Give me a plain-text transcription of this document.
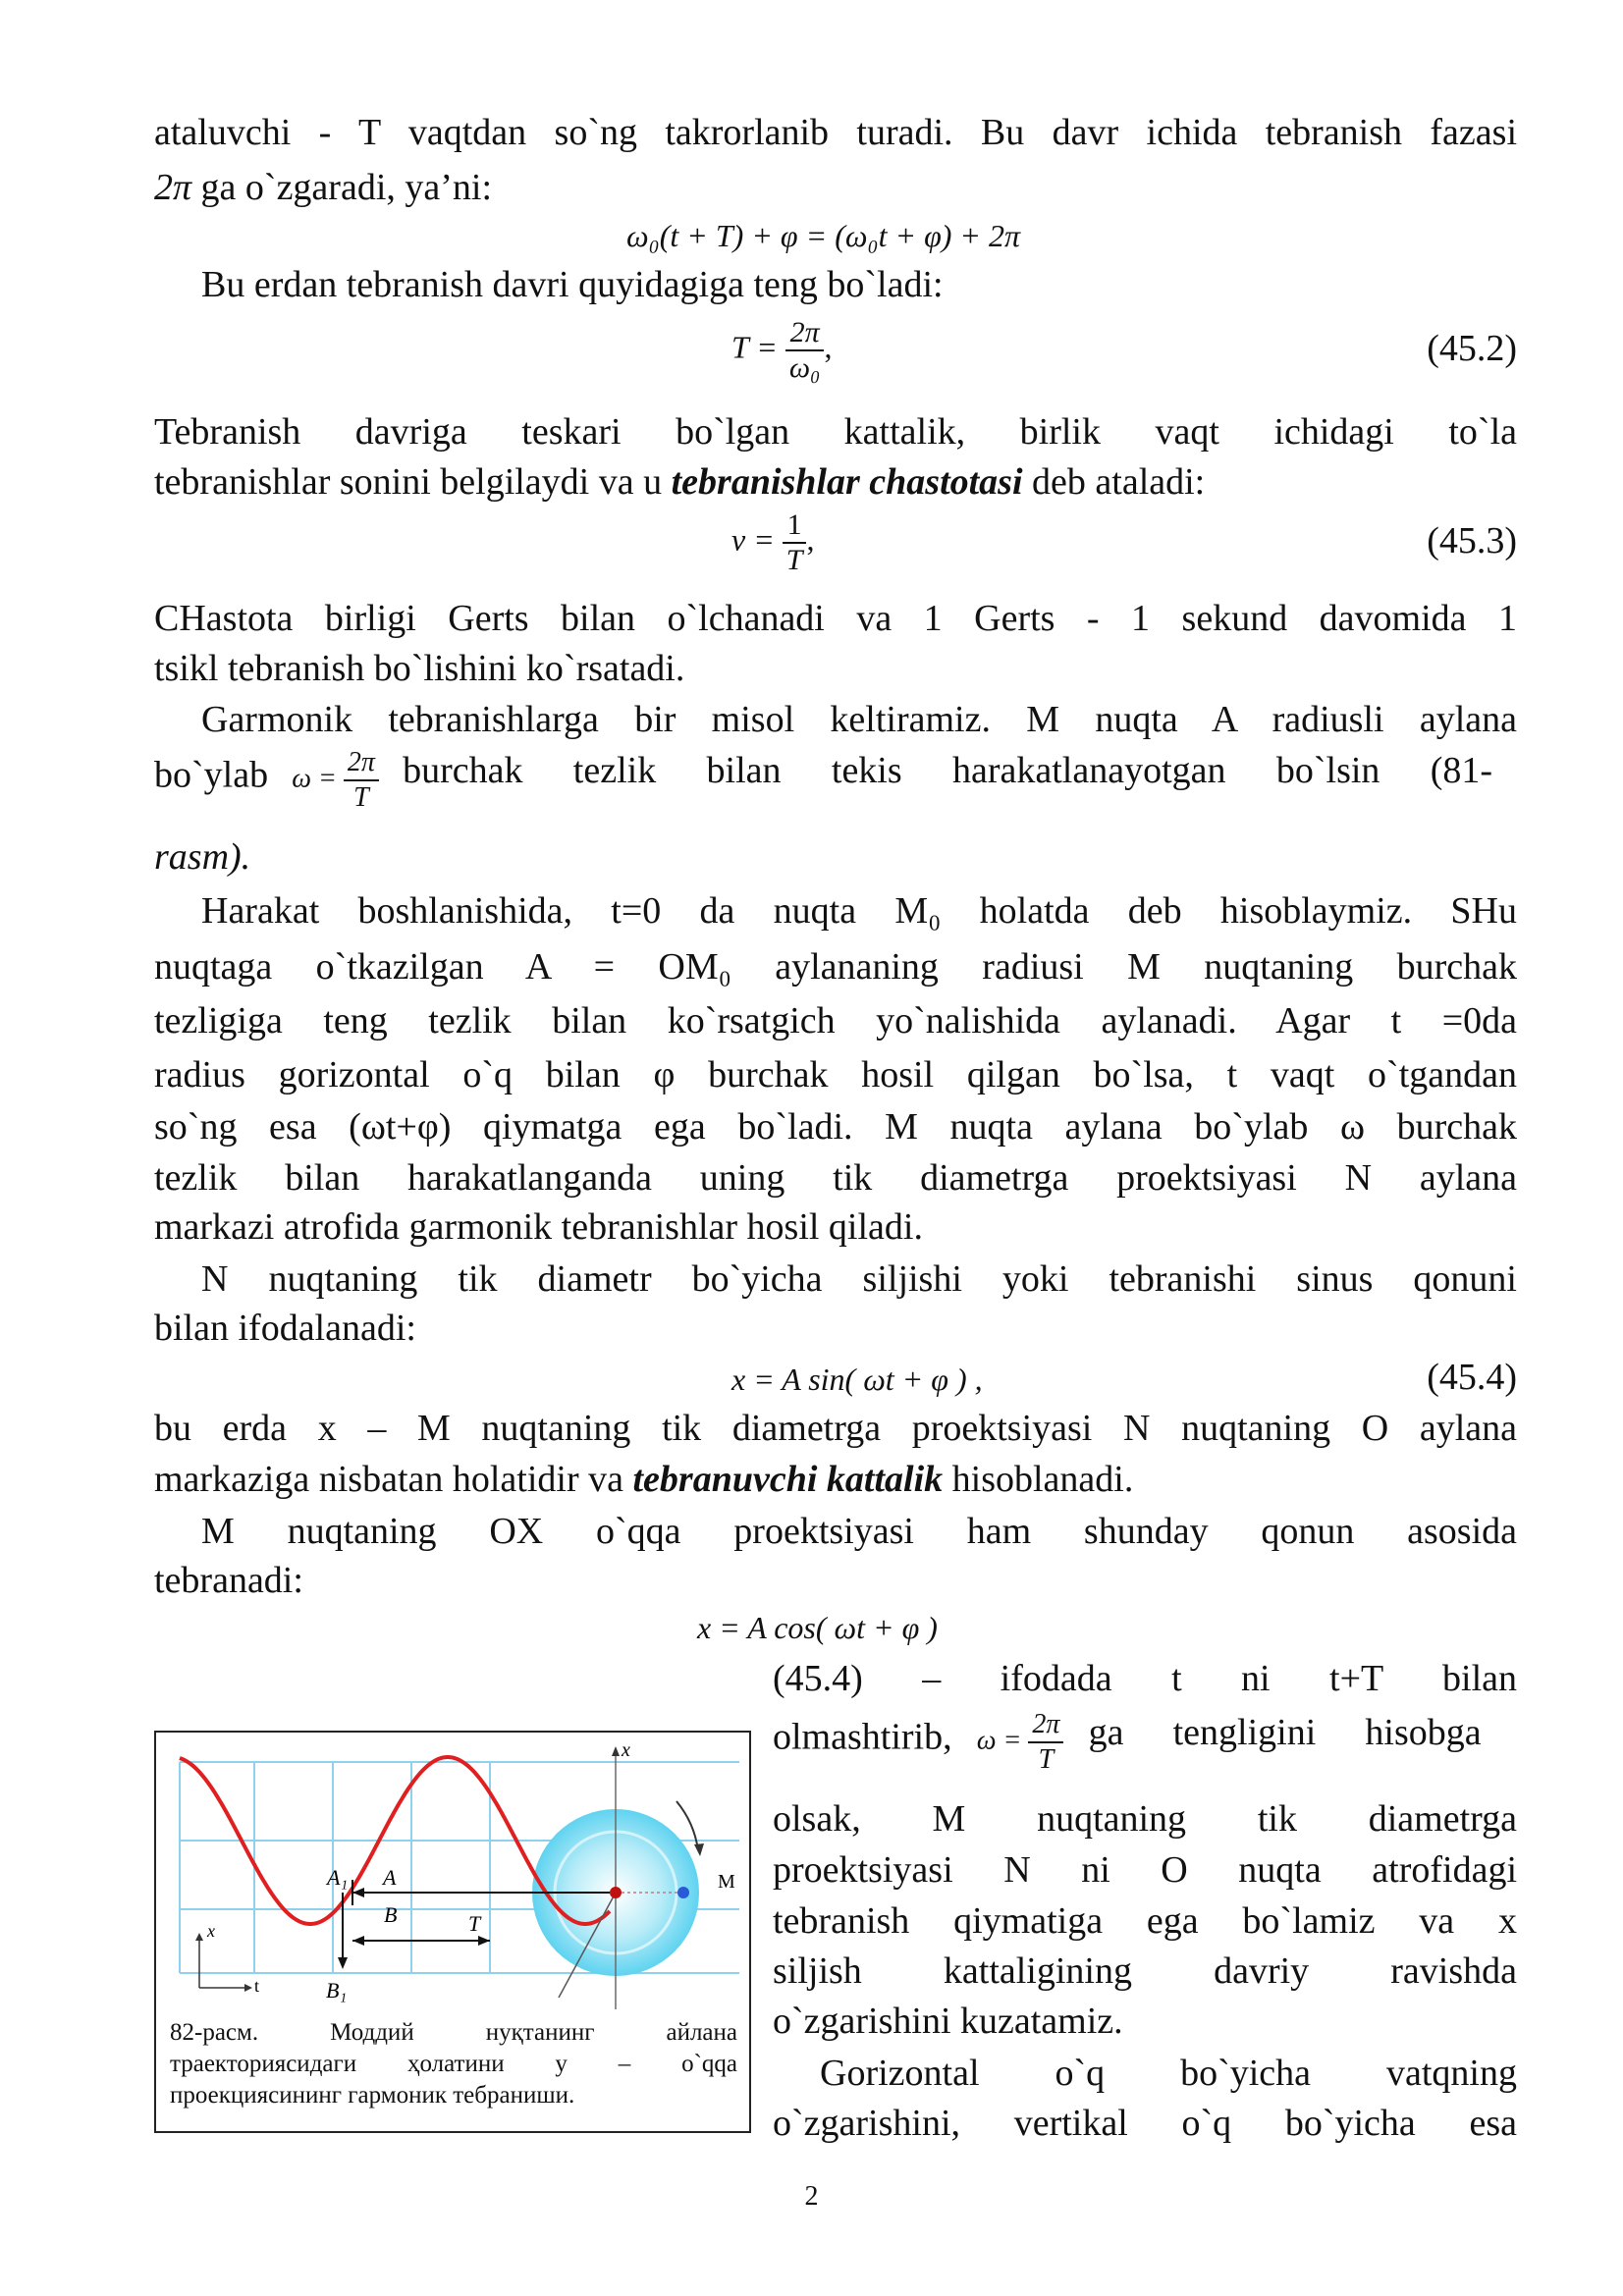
ataluvchi - T vaqtdan so`ng takrorlanib turadi. Bu davr ichida tebranish fazasi
2π ga o`zgaradi, ya’ni:
ω₀(t + T) + φ = (ω₀t + φ) + 2π
Bu erdan tebranish davri quyidagiga teng bo`ladi:
$T = \frac{2\pi}{\text{ω₀}}$ ,	(45.2)
Tebranish davriga teskari bo`lgan kattalik, birlik vaqt ichidagi to`la
tebranishlar sonini belgilaydi va u tebranishlar chastotasi deb ataladi:
$\nu = \frac{1}{T}$ ,	(45.3)
CHastota birligi Gerts bilan o`lchanadi va 1 Gerts - 1 sekund davomida 1
tsikl tebranish bo`lishini ko`rsatadi.
Garmonik tebranishlarga bir misol keltiramiz. M nuqta A radiusli aylana
bo`ylab $\omega = \frac{2\pi}{T}$ burchak tezlik bilan tekis harakatlanayotgan bo`lsin (81-
rasm).
Harakat boshlanishida, t=0 da nuqta M₀ holatda deb hisoblaymiz. SHu
nuqtaga o`tkazilgan A = OM₀ aylananing radiusi M nuqtaning burchak
tezligiga teng tezlik bilan ko`rsatgich yo`nalishida aylanadi. Agar t =0da
radius gorizontal o`q bilan φ burchak hosil qilgan bo`lsa, t vaqt o`tgandan
so`ng esa (ωt+φ) qiymatga ega bo`ladi. M nuqta aylana bo`ylab ω burchak
tezlik bilan harakatlanganda uning tik diametrga proektsiyasi N aylana
markazi atrofida garmonik tebranishlar hosil qiladi.
N nuqtaning tik diametr bo`yicha siljishi yoki tebranishi sinus qonuni
bilan ifodalanadi:
x = A sin( ωt + φ ) ,	(45.4)
bu erda x – M nuqtaning tik diametrga proektsiyasi N nuqtaning O aylana
markaziga nisbatan holatidir va tebranuvchi kattalik hisoblanadi.
M nuqtaning OX o`qqa proektsiyasi ham shunday qonun asosida
tebranadi:
x = A cos( ωt + φ )
(45.4) – ifodada t ni t+T bilan
olmashtirib, $\omega = \frac{2\pi}{T}$ ga tengligini hisobga
olsak, M nuqtaning tik diametrga
proektsiyasi N ni O nuqta atrofidagi
tebranish qiymatiga ega bo`lamiz va x
siljish kattaligining davriy ravishda
o`zgarishini kuzatamiz.
Gorizontal o`q bo`yicha vatqning
o`zgarishini, vertikal o`q bo`yicha esa
x
x
t
A₁ A
B
B₁
T
M
82-расм. Моддий нуқтанинг айлана
траекториясидаги ҳолатини у – о`qqa
проекциясининг гармоник тебраниши.
2
